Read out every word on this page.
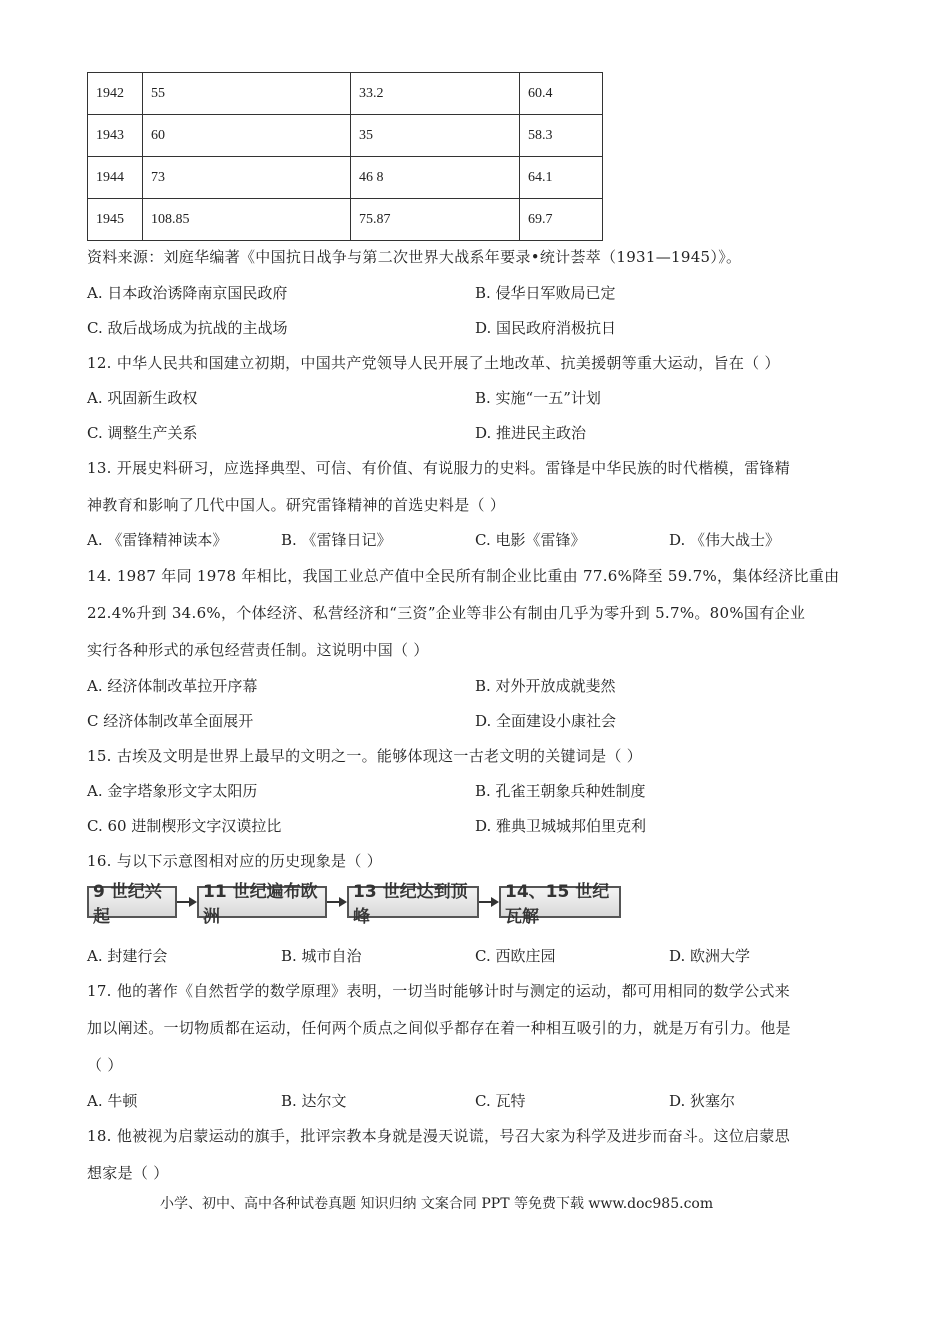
1942	55	33.2	60.4
1943	60	35	58.3
1944	73	46 8	64.1
1945	108.85	75.87	69.7
资料来源：刘庭华编著《中国抗日战争与第二次世界大战系年要录•统计荟萃（1931—1945）》。
A. 日本政治诱降南京国民政府	B. 侵华日军败局已定
C. 敌后战场成为抗战的主战场	D. 国民政府消极抗日
12. 中华人民共和国建立初期，中国共产党领导人民开展了土地改革、抗美援朝等重大运动，旨在（ ）
A. 巩固新生政权	B. 实施“一五”计划
C. 调整生产关系	D. 推进民主政治
13. 开展史料研习，应选择典型、可信、有价值、有说服力的史料。雷锋是中华民族的时代楷模，雷锋精
神教育和影响了几代中国人。研究雷锋精神的首选史料是（ ）
A. 《雷锋精神读本》	B. 《雷锋日记》	C. 电影《雷锋》	D. 《伟大战士》
14. 1987 年同 1978 年相比，我国工业总产值中全民所有制企业比重由 77.6%降至 59.7%，集体经济比重由
22.4%升到 34.6%，个体经济、私营经济和“三资”企业等非公有制由几乎为零升到 5.7%。80%国有企业
实行各种形式的承包经营责任制。这说明中国（ ）
A. 经济体制改革拉开序幕	B. 对外开放成就斐然
C 经济体制改革全面展开	D. 全面建设小康社会
15. 古埃及文明是世界上最早的文明之一。能够体现这一古老文明的关键词是（ ）
A. 金字塔象形文字太阳历	B. 孔雀王朝象兵种姓制度
C. 60 进制楔形文字汉谟拉比	D. 雅典卫城城邦伯里克利
16. 与以下示意图相对应的历史现象是（ ）
9 世纪兴起
11 世纪遍布欧洲
13 世纪达到顶峰
14、15 世纪瓦解
A. 封建行会	B. 城市自治	C. 西欧庄园	D. 欧洲大学
17. 他的著作《自然哲学的数学原理》表明，一切当时能够计时与测定的运动，都可用相同的数学公式来
加以阐述。一切物质都在运动，任何两个质点之间似乎都存在着一种相互吸引的力，就是万有引力。他是
（ ）
A. 牛顿	B. 达尔文	C. 瓦特	D. 狄塞尔
18. 他被视为启蒙运动的旗手，批评宗教本身就是漫天说谎，号召大家为科学及进步而奋斗。这位启蒙思
想家是（ ）
小学、初中、高中各种试卷真题 知识归纳 文案合同 PPT 等免费下载 www.doc985.com
